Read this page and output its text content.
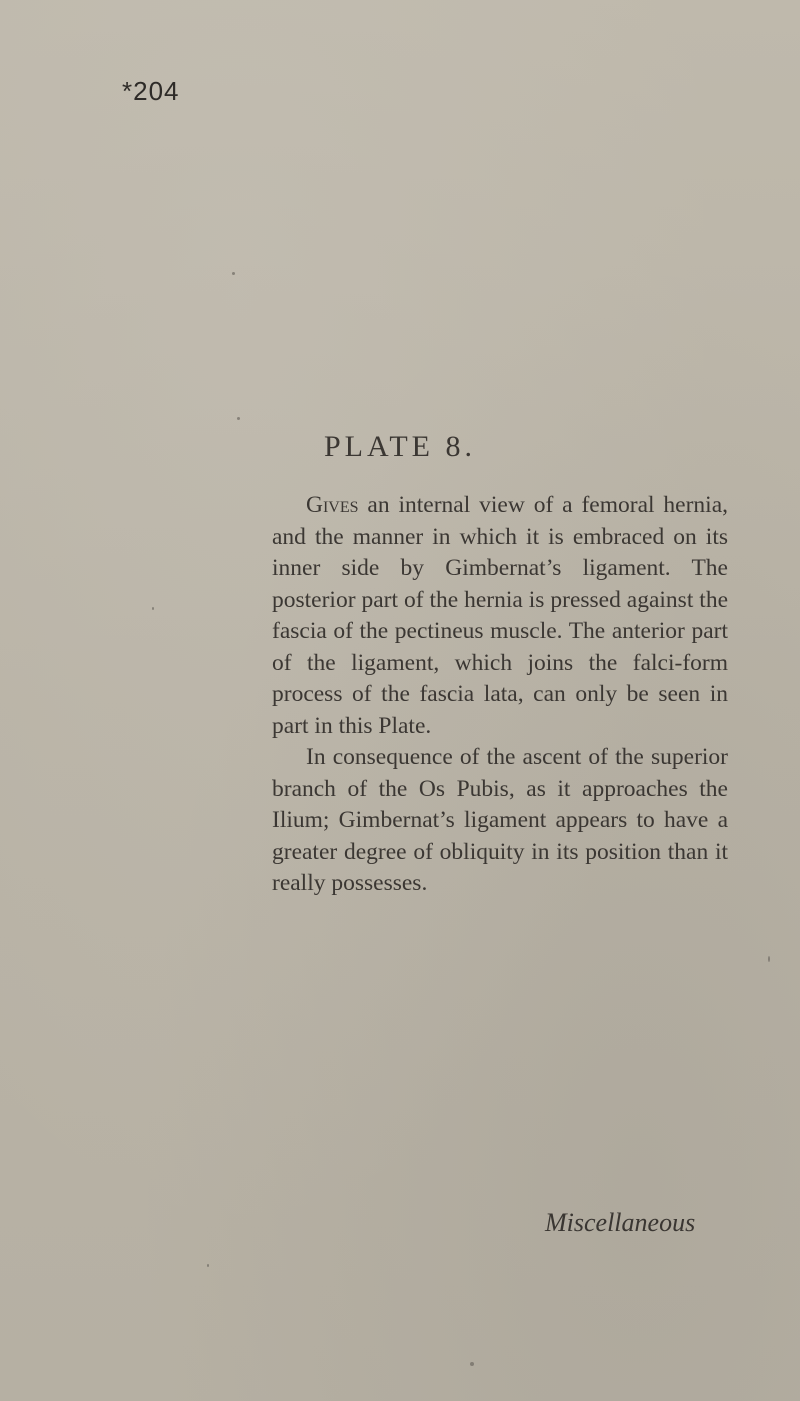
*204
PLATE 8.

Gives an internal view of a femoral hernia, and the manner in which it is embraced on its inner side by Gimbernat’s ligament. The posterior part of the hernia is pressed against the fascia of the pectineus muscle. The anterior part of the ligament, which joins the falci-form process of the fascia lata, can only be seen in part in this Plate.

In consequence of the ascent of the superior branch of the Os Pubis, as it approaches the Ilium; Gimbernat’s ligament appears to have a greater degree of obliquity in its position than it really possesses.

Miscellaneous
